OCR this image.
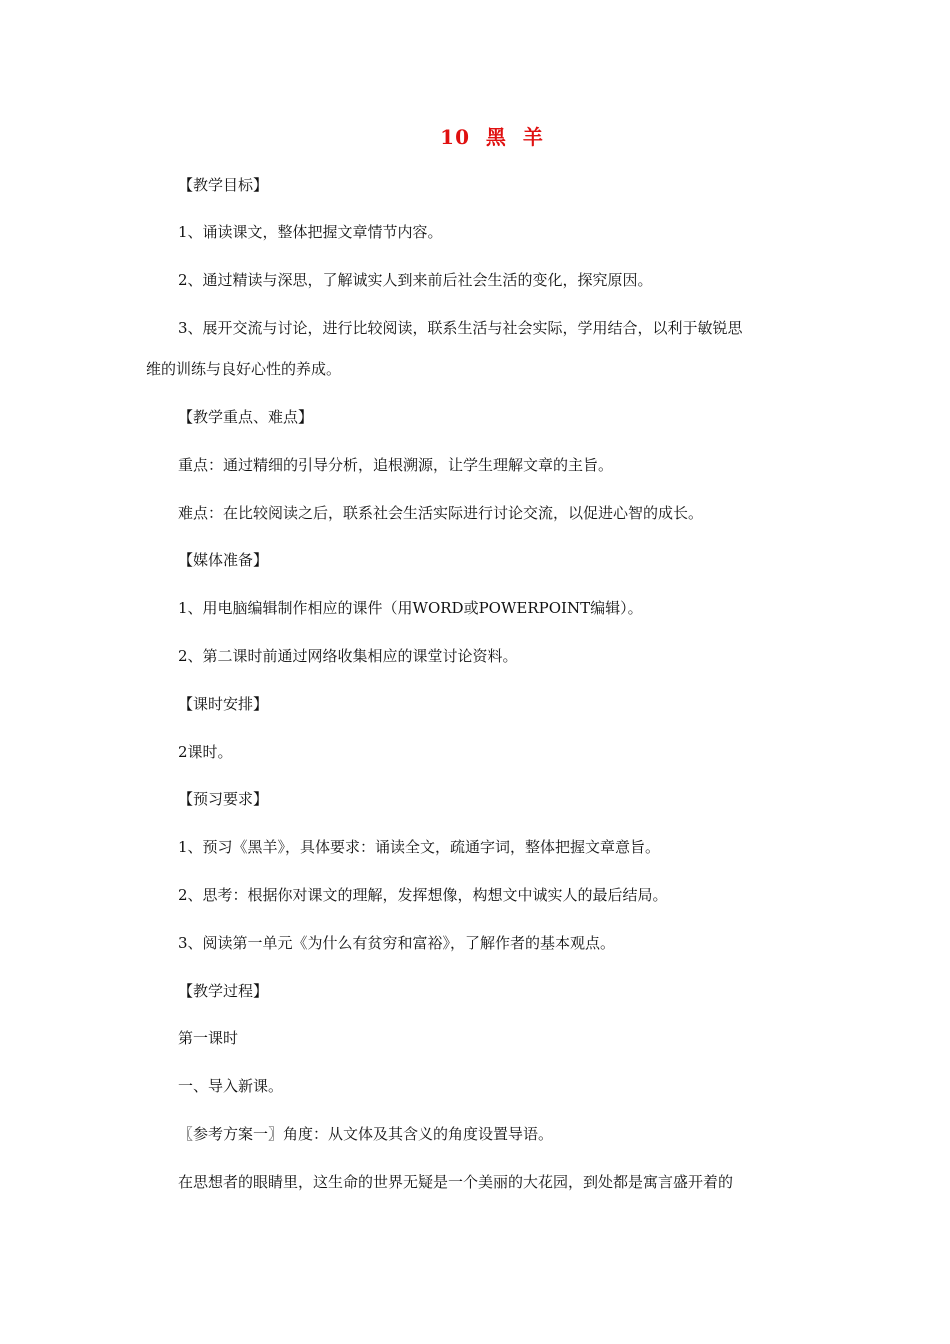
10  黑  羊
【教学目标】
1、诵读课文，整体把握文章情节内容。
2、通过精读与深思，了解诚实人到来前后社会生活的变化，探究原因。
3、展开交流与讨论，进行比较阅读，联系生活与社会实际，学用结合，以利于敏锐思
维的训练与良好心性的养成。
【教学重点、难点】
重点：通过精细的引导分析，追根溯源，让学生理解文章的主旨。
难点：在比较阅读之后，联系社会生活实际进行讨论交流，以促进心智的成长。
【媒体准备】
1、用电脑编辑制作相应的课件（用WORD或POWERPOINT编辑）。
2、第二课时前通过网络收集相应的课堂讨论资料。
【课时安排】
2课时。
【预习要求】
1、预习《黑羊》，具体要求：诵读全文，疏通字词，整体把握文章意旨。
2、思考：根据你对课文的理解，发挥想像，构想文中诚实人的最后结局。
3、阅读第一单元《为什么有贫穷和富裕》，了解作者的基本观点。
【教学过程】
第一课时
一、导入新课。
〖参考方案一〗角度：从文体及其含义的角度设置导语。
在思想者的眼睛里，这生命的世界无疑是一个美丽的大花园，到处都是寓言盛开着的
